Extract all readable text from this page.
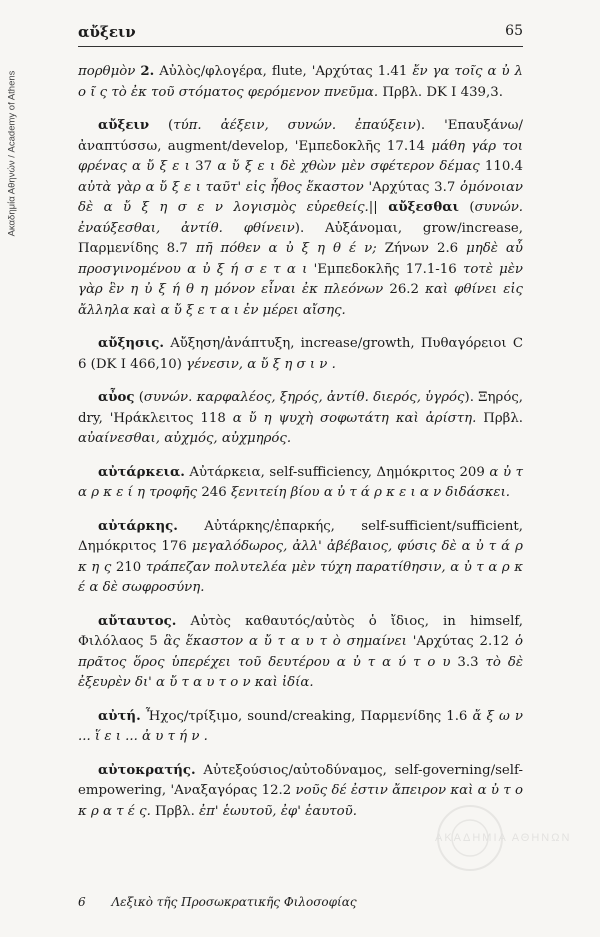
Ακαδημία Αθηνών / Academy of Athens
αὔξειν	65

πορθμὸν 2. Αὐλὸς/φλογέρα, flute, 'Αρχύτας 1.41 ἔν γα τοῖς α ὐ λ ο ῖ ς τὸ ἐκ τοῦ στόματος φερόμενον πνεῦμα. Πρβλ. DK I 439,3.

αὔξειν (τύπ. ἀέξειν, συνών. ἐπαύξειν). 'Επαυξάνω/ἀναπτύσσω, augment/develop, 'Εμπεδοκλῆς 17.14 μάθη γάρ τοι φρένας α ὔ ξ ε ι 37 α ὔ ξ ε ι δὲ χθὼν μὲν σφέτερον δέμας 110.4 αὐτὰ γὰρ α ὔ ξ ε ι ταῦτ' εἰς ἦθος ἕκαστον 'Αρχύτας 3.7 ὁμόνοιαν δὲ α ὔ ξ η σ ε ν λογισμὸς εὑρεθείς.|| αὔξεσθαι (συνών. ἐναύξεσθαι, ἀντίθ. φθίνειν). Αὐξάνομαι, grow/increase, Παρμενίδης 8.7 πῆ πόθεν α ὐ ξ η θ έ ν; Ζήνων 2.6 μηδὲ αὖ προσγινομένου α ὐ ξ ή σ ε τ α ι 'Εμπεδοκλῆς 17.1-16 τοτὲ μὲν γὰρ ἓν η ὐ ξ ή θ η μόνον εἶναι ἐκ πλεόνων 26.2 καὶ φθίνει εἰς ἄλληλα καὶ α ὔ ξ ε τ α ι ἐν μέρει αἴσης.

αὔξησις. Αὔξηση/ἀνάπτυξη, increase/growth, Πυθαγόρειοι C 6 (DK I 466,10) γένεσιν, α ὔ ξ η σ ι ν .

αὖος (συνών. καρφαλέος, ξηρός, ἀντίθ. διερός, ὑγρός). Ξηρός, dry, 'Ηράκλειτος 118 α ὔ η ψυχὴ σοφωτάτη καὶ ἀρίστη. Πρβλ. αὐαίνεσθαι, αὐχμός, αὐχμηρός.

αὐτάρκεια. Αὐτάρκεια, self-sufficiency, Δημόκριτος 209 α ὐ τ α ρ κ ε ί η τροφῆς 246 ξενιτείη βίου α ὐ τ ά ρ κ ε ι α ν διδάσκει.

αὐτάρκης. Αὐτάρκης/ἐπαρκής, self-sufficient/sufficient, Δημόκριτος 176 μεγαλόδωρος, ἀλλ' ἀβέβαιος, φύσις δὲ α ὐ τ ά ρ κ η ς 210 τράπεζαν πολυτελέα μὲν τύχη παρατίθησιν, α ὐ τ α ρ κ έ α δὲ σωφροσύνη.

αὔταυτος. Αὐτὸς καθαυτός/αὐτὸς ὁ ἴδιος, in himself, Φιλόλαος 5 ἃς ἕκαστον α ὔ τ α υ τ ὸ σημαίνει 'Αρχύτας 2.12 ὁ πρᾶτος ὅρος ὑπερέχει τοῦ δευτέρου α ὐ τ α ύ τ ο υ 3.3 τὸ δὲ ἐξευρὲν δι' α ὔ τ α υ τ ο ν καὶ ἰδία.

αὐτή. Ἦχος/τρίξιμο, sound/creaking, Παρμενίδης 1.6 ἄ ξ ω ν ... ἵ ε ι ... ἀ υ τ ή ν .

αὐτοκρατής. Αὐτεξούσιος/αὐτοδύναμος, self-governing/self-empowering, 'Αναξαγόρας 12.2 νοῦς δέ ἐστιν ἄπειρον καὶ α ὐ τ ο κ ρ α τ έ ς. Πρβλ. ἐπ' ἑωυτοῦ, ἐφ' ἑαυτοῦ.

ΑΚΑΔΗΜΙΑ ΑΘΗΝΩΝ
6 Λεξικὸ τῆς Προσωκρατικῆς Φιλοσοφίας
